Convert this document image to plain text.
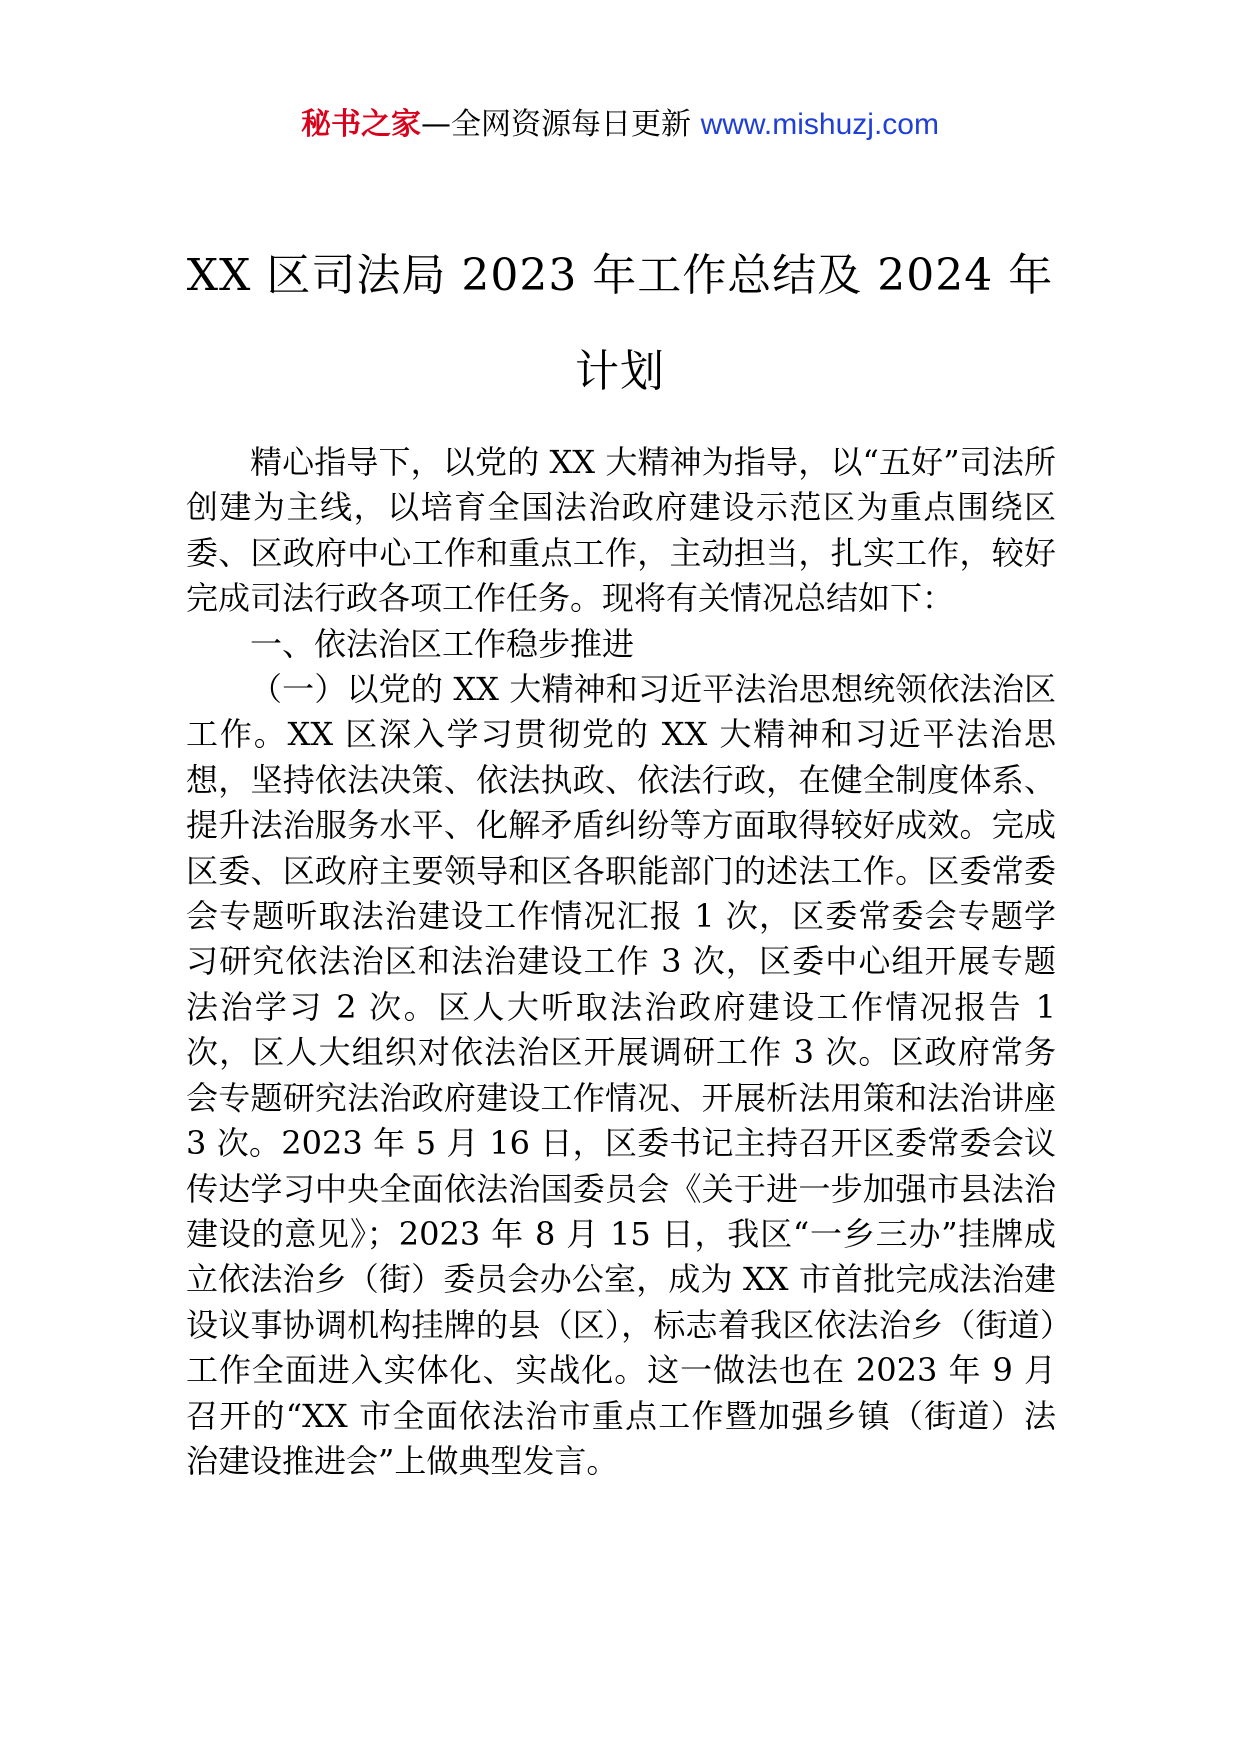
秘书之家—全网资源每日更新 www.mishuzj.com
XX 区司法局 2023 年工作总结及 2024 年
计划

精心指导下，以党的 XX 大精神为指导，以“五好”司法所创建为主线，以培育全国法治政府建设示范区为重点围绕区委、区政府中心工作和重点工作，主动担当，扎实工作，较好完成司法行政各项工作任务。现将有关情况总结如下：

一、依法治区工作稳步推进

（一）以党的 XX 大精神和习近平法治思想统领依法治区工作。XX 区深入学习贯彻党的 XX 大精神和习近平法治思想，坚持依法决策、依法执政、依法行政，在健全制度体系、提升法治服务水平、化解矛盾纠纷等方面取得较好成效。完成区委、区政府主要领导和区各职能部门的述法工作。区委常委会专题听取法治建设工作情况汇报 1 次，区委常委会专题学习研究依法治区和法治建设工作 3 次，区委中心组开展专题法治学习 2 次。区人大听取法治政府建设工作情况报告 1 次，区人大组织对依法治区开展调研工作 3 次。区政府常务会专题研究法治政府建设工作情况、开展析法用策和法治讲座 3 次。2023 年 5 月 16 日，区委书记主持召开区委常委会议传达学习中央全面依法治国委员会《关于进一步加强市县法治建设的意见》；2023 年 8 月 15 日，我区“一乡三办”挂牌成立依法治乡（街）委员会办公室，成为 XX 市首批完成法治建设议事协调机构挂牌的县（区），标志着我区依法治乡（街道）工作全面进入实体化、实战化。这一做法也在 2023 年 9 月召开的“XX 市全面依法治市重点工作暨加强乡镇（街道）法治建设推进会”上做典型发言。
